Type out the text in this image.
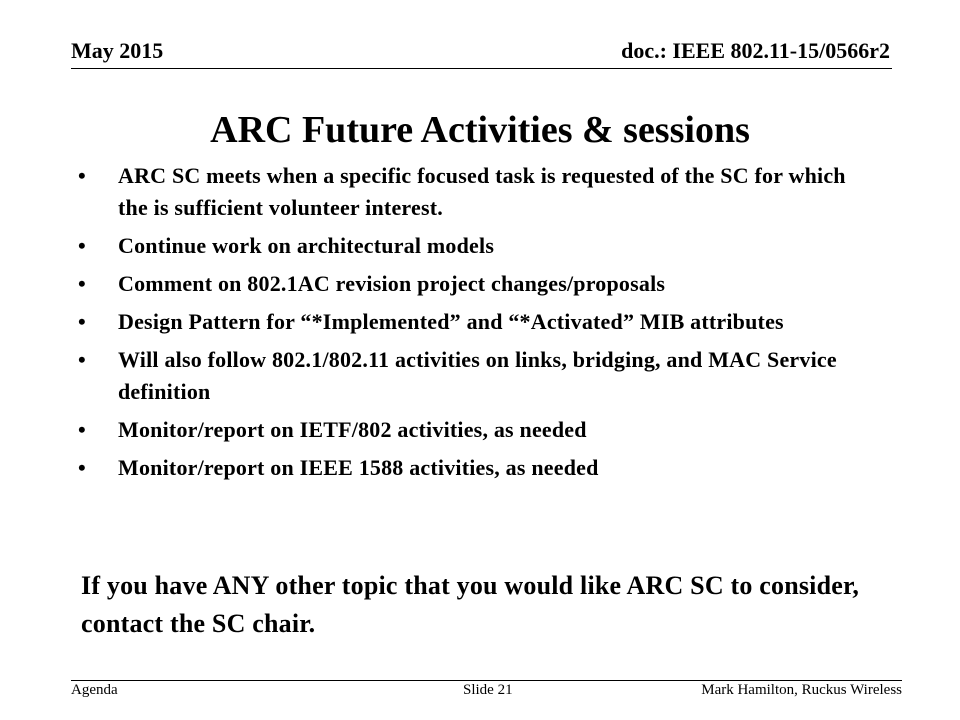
May 2015	doc.: IEEE 802.11-15/0566r2
ARC Future Activities & sessions
• ARC SC meets when a specific focused task is requested of the SC for which the is sufficient volunteer interest.
• Continue work on architectural models
• Comment on 802.1AC revision project changes/proposals
• Design Pattern for “*Implemented” and “*Activated” MIB attributes
• Will also follow 802.1/802.11 activities on links, bridging, and MAC Service definition
• Monitor/report on IETF/802 activities, as needed
• Monitor/report on IEEE 1588 activities, as needed
If you have ANY other topic that you would like ARC SC to consider, contact the SC chair.
Agenda	Slide 21	Mark Hamilton, Ruckus Wireless
